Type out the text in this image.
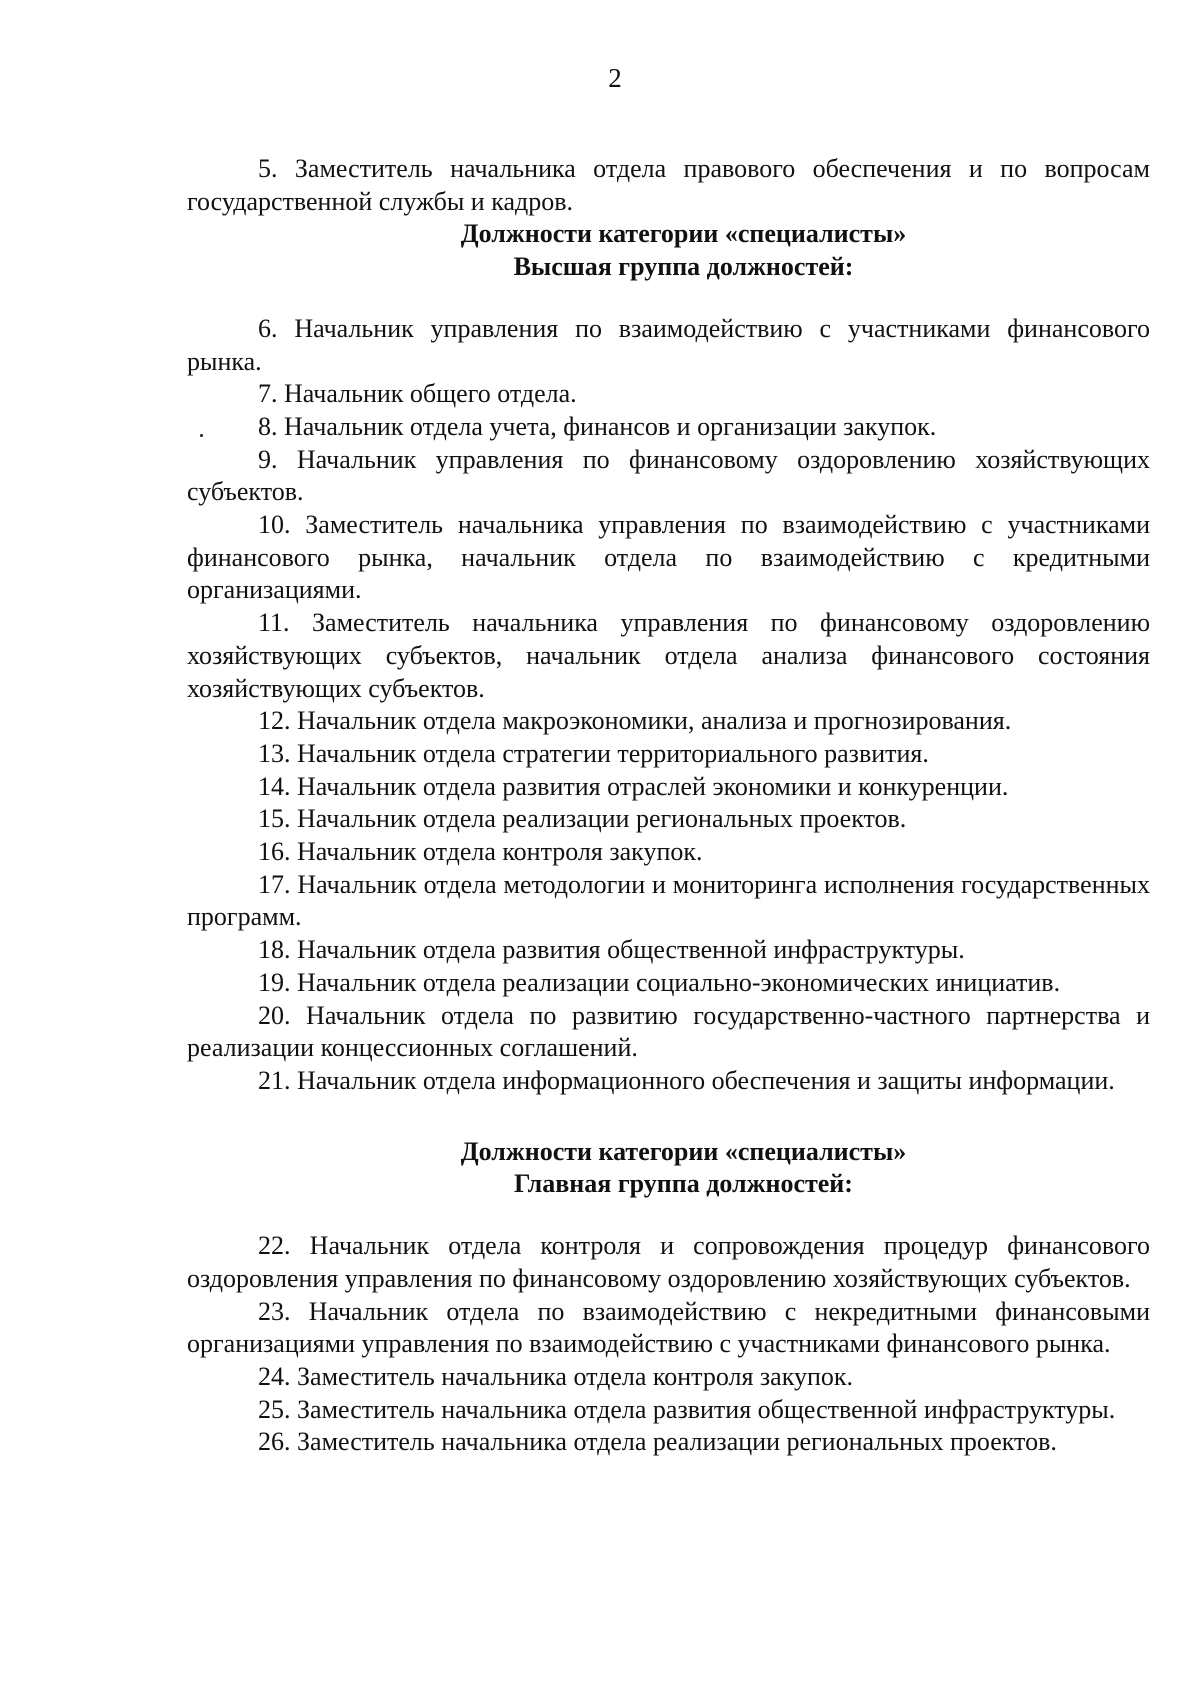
2

5. Заместитель начальника отдела правового обеспечения и по вопросам государственной службы и кадров.

Должности категории «специалисты»

Высшая группа должностей:

6. Начальник управления по взаимодействию с участниками финансового рынка.

7. Начальник общего отдела.

8. Начальник отдела учета, финансов и организации закупок.

9. Начальник управления по финансовому оздоровлению хозяйствующих субъектов.

10. Заместитель начальника управления по взаимодействию с участниками финансового рынка, начальник отдела по взаимодействию с кредитными организациями.

11. Заместитель начальника управления по финансовому оздоровлению хозяйствующих субъектов, начальник отдела анализа финансового состояния хозяйствующих субъектов.

12. Начальник отдела макроэкономики, анализа и прогнозирования.

13. Начальник отдела стратегии территориального развития.

14. Начальник отдела развития отраслей экономики и конкуренции.

15. Начальник отдела реализации региональных проектов.

16. Начальник отдела контроля закупок.

17. Начальник отдела методологии и мониторинга исполнения государственных программ.

18. Начальник отдела развития общественной инфраструктуры.

19. Начальник отдела реализации социально-экономических инициатив.

20. Начальник отдела по развитию государственно-частного партнерства и реализации концессионных соглашений.

21. Начальник отдела информационного обеспечения и защиты информации.

Должности категории «специалисты»

Главная группа должностей:

22. Начальник отдела контроля и сопровождения процедур финансового оздоровления управления по финансовому оздоровлению хозяйствующих субъектов.

23. Начальник отдела по взаимодействию с некредитными финансовыми организациями управления по взаимодействию с участниками финансового рынка.

24. Заместитель начальника отдела контроля закупок.

25. Заместитель начальника отдела развития общественной инфраструктуры.

26. Заместитель начальника отдела реализации региональных проектов.
